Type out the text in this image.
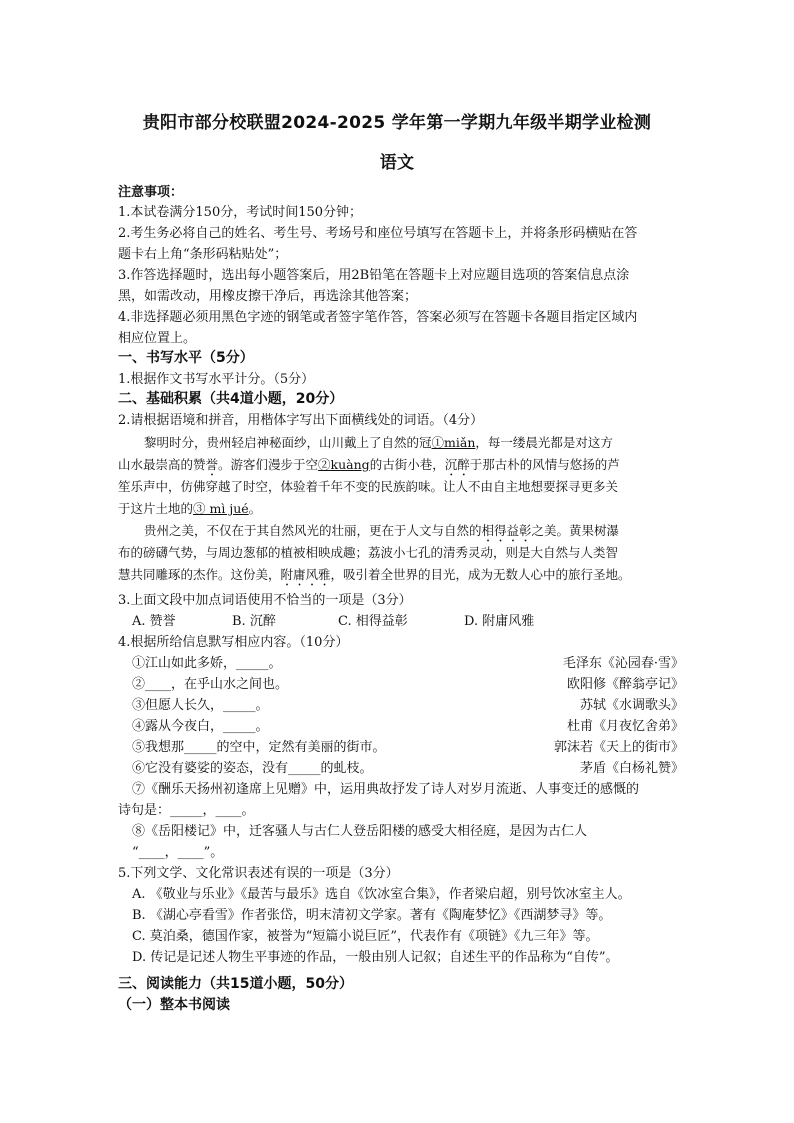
贵阳市部分校联盟2024-2025 学年第一学期九年级半期学业检测
语文
注意事项：
1.本试卷满分150分，考试时间150分钟；
2.考生务必将自己的姓名、考生号、考场号和座位号填写在答题卡上，并将条形码横贴在答
题卡右上角“条形码粘贴处”；
3.作答选择题时，选出每小题答案后，用2B铅笔在答题卡上对应题目选项的答案信息点涂
黑，如需改动，用橡皮擦干净后，再选涂其他答案；
4.非选择题必须用黑色字迹的钢笔或者签字笔作答，答案必须写在答题卡各题目指定区域内
相应位置上。
一、书写水平（5分）
1.根据作文书写水平计分。（5分）
二、基础积累（共4道小题，20分）
2.请根据语境和拼音，用楷体字写出下面横线处的词语。（4分）
黎明时分，贵州轻启神秘面纱，山川戴上了自然的冠①miǎn，每一缕晨光都是对这方
山水最崇高的赞誉。游客们漫步于空②kuàng的古街小巷，沉醉于那古朴的风情与悠扬的芦
笙乐声中，仿佛穿越了时空，体验着千年不变的民族韵味。让人不由自主地想要探寻更多关
于这片土地的③ mì jué。
贵州之美，不仅在于其自然风光的壮丽，更在于人文与自然的相得益彰之美。黄果树瀑
布的磅礴气势，与周边葱郁的植被相映成趣；荔波小七孔的清秀灵动，则是大自然与人类智
慧共同雕琢的杰作。这份美，附庸风雅，吸引着全世界的目光，成为无数人心中的旅行圣地。
3.上面文段中加点词语使用不恰当的一项是（3分）
A. 赞誉	B. 沉醉	C. 相得益彰	D. 附庸风雅
4.根据所给信息默写相应内容。（10分）
①江山如此多娇，_____。	毛泽东《沁园春·雪》
②____，在乎山水之间也。	欧阳修《醉翁亭记》
③但愿人长久，_____。	苏轼《水调歌头》
④露从今夜白，_____。	杜甫《月夜忆舍弟》
⑤我想那_____的空中，定然有美丽的街市。	郭沫若《天上的街市》
⑥它没有婆娑的姿态，没有_____的虬枝。	茅盾《白杨礼赞》
⑦《酬乐天扬州初逢席上见赠》中，运用典故抒发了诗人对岁月流逝、人事变迁的感慨的
诗句是：_____，____。
⑧《岳阳楼记》中，迁客骚人与古仁人登岳阳楼的感受大相径庭，是因为古仁人
“____，____”。
5.下列文学、文化常识表述有误的一项是（3分）
A. 《敬业与乐业》《最苦与最乐》选自《饮冰室合集》，作者梁启超，别号饮冰室主人。
B. 《湖心亭看雪》作者张岱，明末清初文学家。著有《陶庵梦忆》《西湖梦寻》等。
C. 莫泊桑，德国作家，被誉为“短篇小说巨匠”，代表作有《项链》《九三年》等。
D. 传记是记述人物生平事迹的作品，一般由别人记叙；自述生平的作品称为“自传”。
三、阅读能力（共15道小题，50分）
（一）整本书阅读
